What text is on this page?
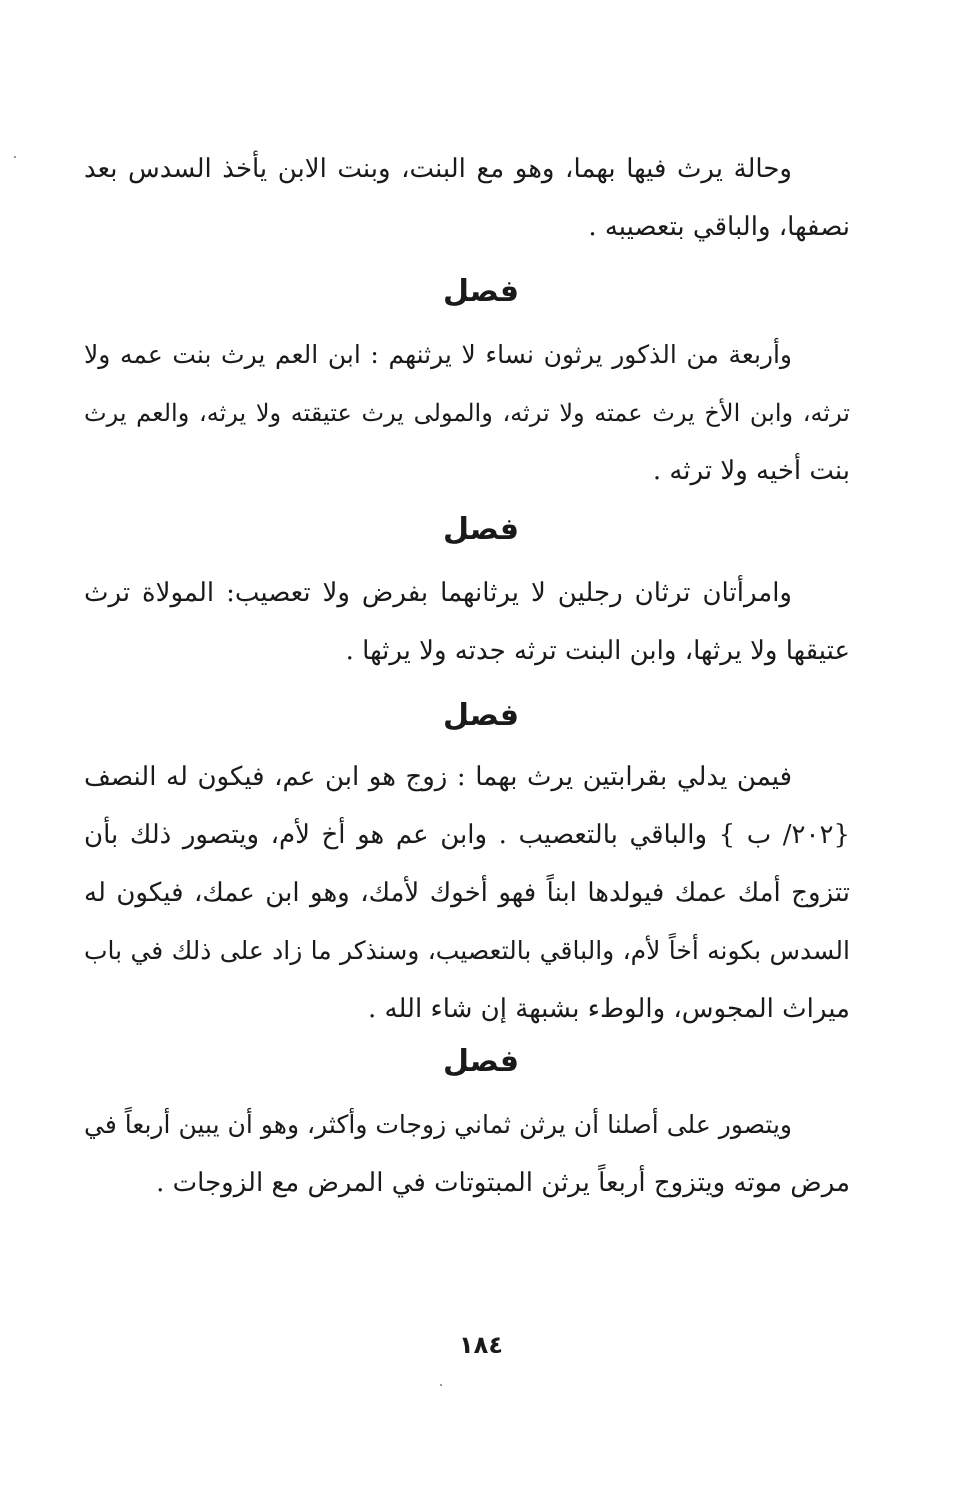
وحالة يرث فيها بهما، وهو مع البنت، وبنت الابن يأخذ السدس بعد
نصفها، والباقي بتعصيبه .
فصل
وأربعة من الذكور يرثون نساء لا يرثنهم : ابن العم يرث بنت عمه ولا
ترثه، وابن الأخ يرث عمته ولا ترثه، والمولى يرث عتيقته ولا يرثه، والعم يرث
بنت أخيه ولا ترثه .
فصل
وامرأتان ترثان رجلين لا يرثانهما بفرض ولا تعصيب: المولاة ترث
عتيقها ولا يرثها، وابن البنت ترثه جدته ولا يرثها .
فصل
فيمن يدلي بقرابتين يرث بهما : زوج هو ابن عم، فيكون له النصف
{٢٠٢/ ب } والباقي بالتعصيب . وابن عم هو أخ لأم، ويتصور ذلك بأن
تتزوج أمك عمك فيولدها ابناً فهو أخوك لأمك، وهو ابن عمك، فيكون له
السدس بكونه أخاً لأم، والباقي بالتعصيب، وسنذكر ما زاد على ذلك في باب
ميراث المجوس، والوطء بشبهة إن شاء الله .
فصل
ويتصور على أصلنا أن يرثن ثماني زوجات وأكثر، وهو أن يبين أربعاً في
مرض موته ويتزوج أربعاً يرثن المبتوتات في المرض مع الزوجات .
١٨٤
